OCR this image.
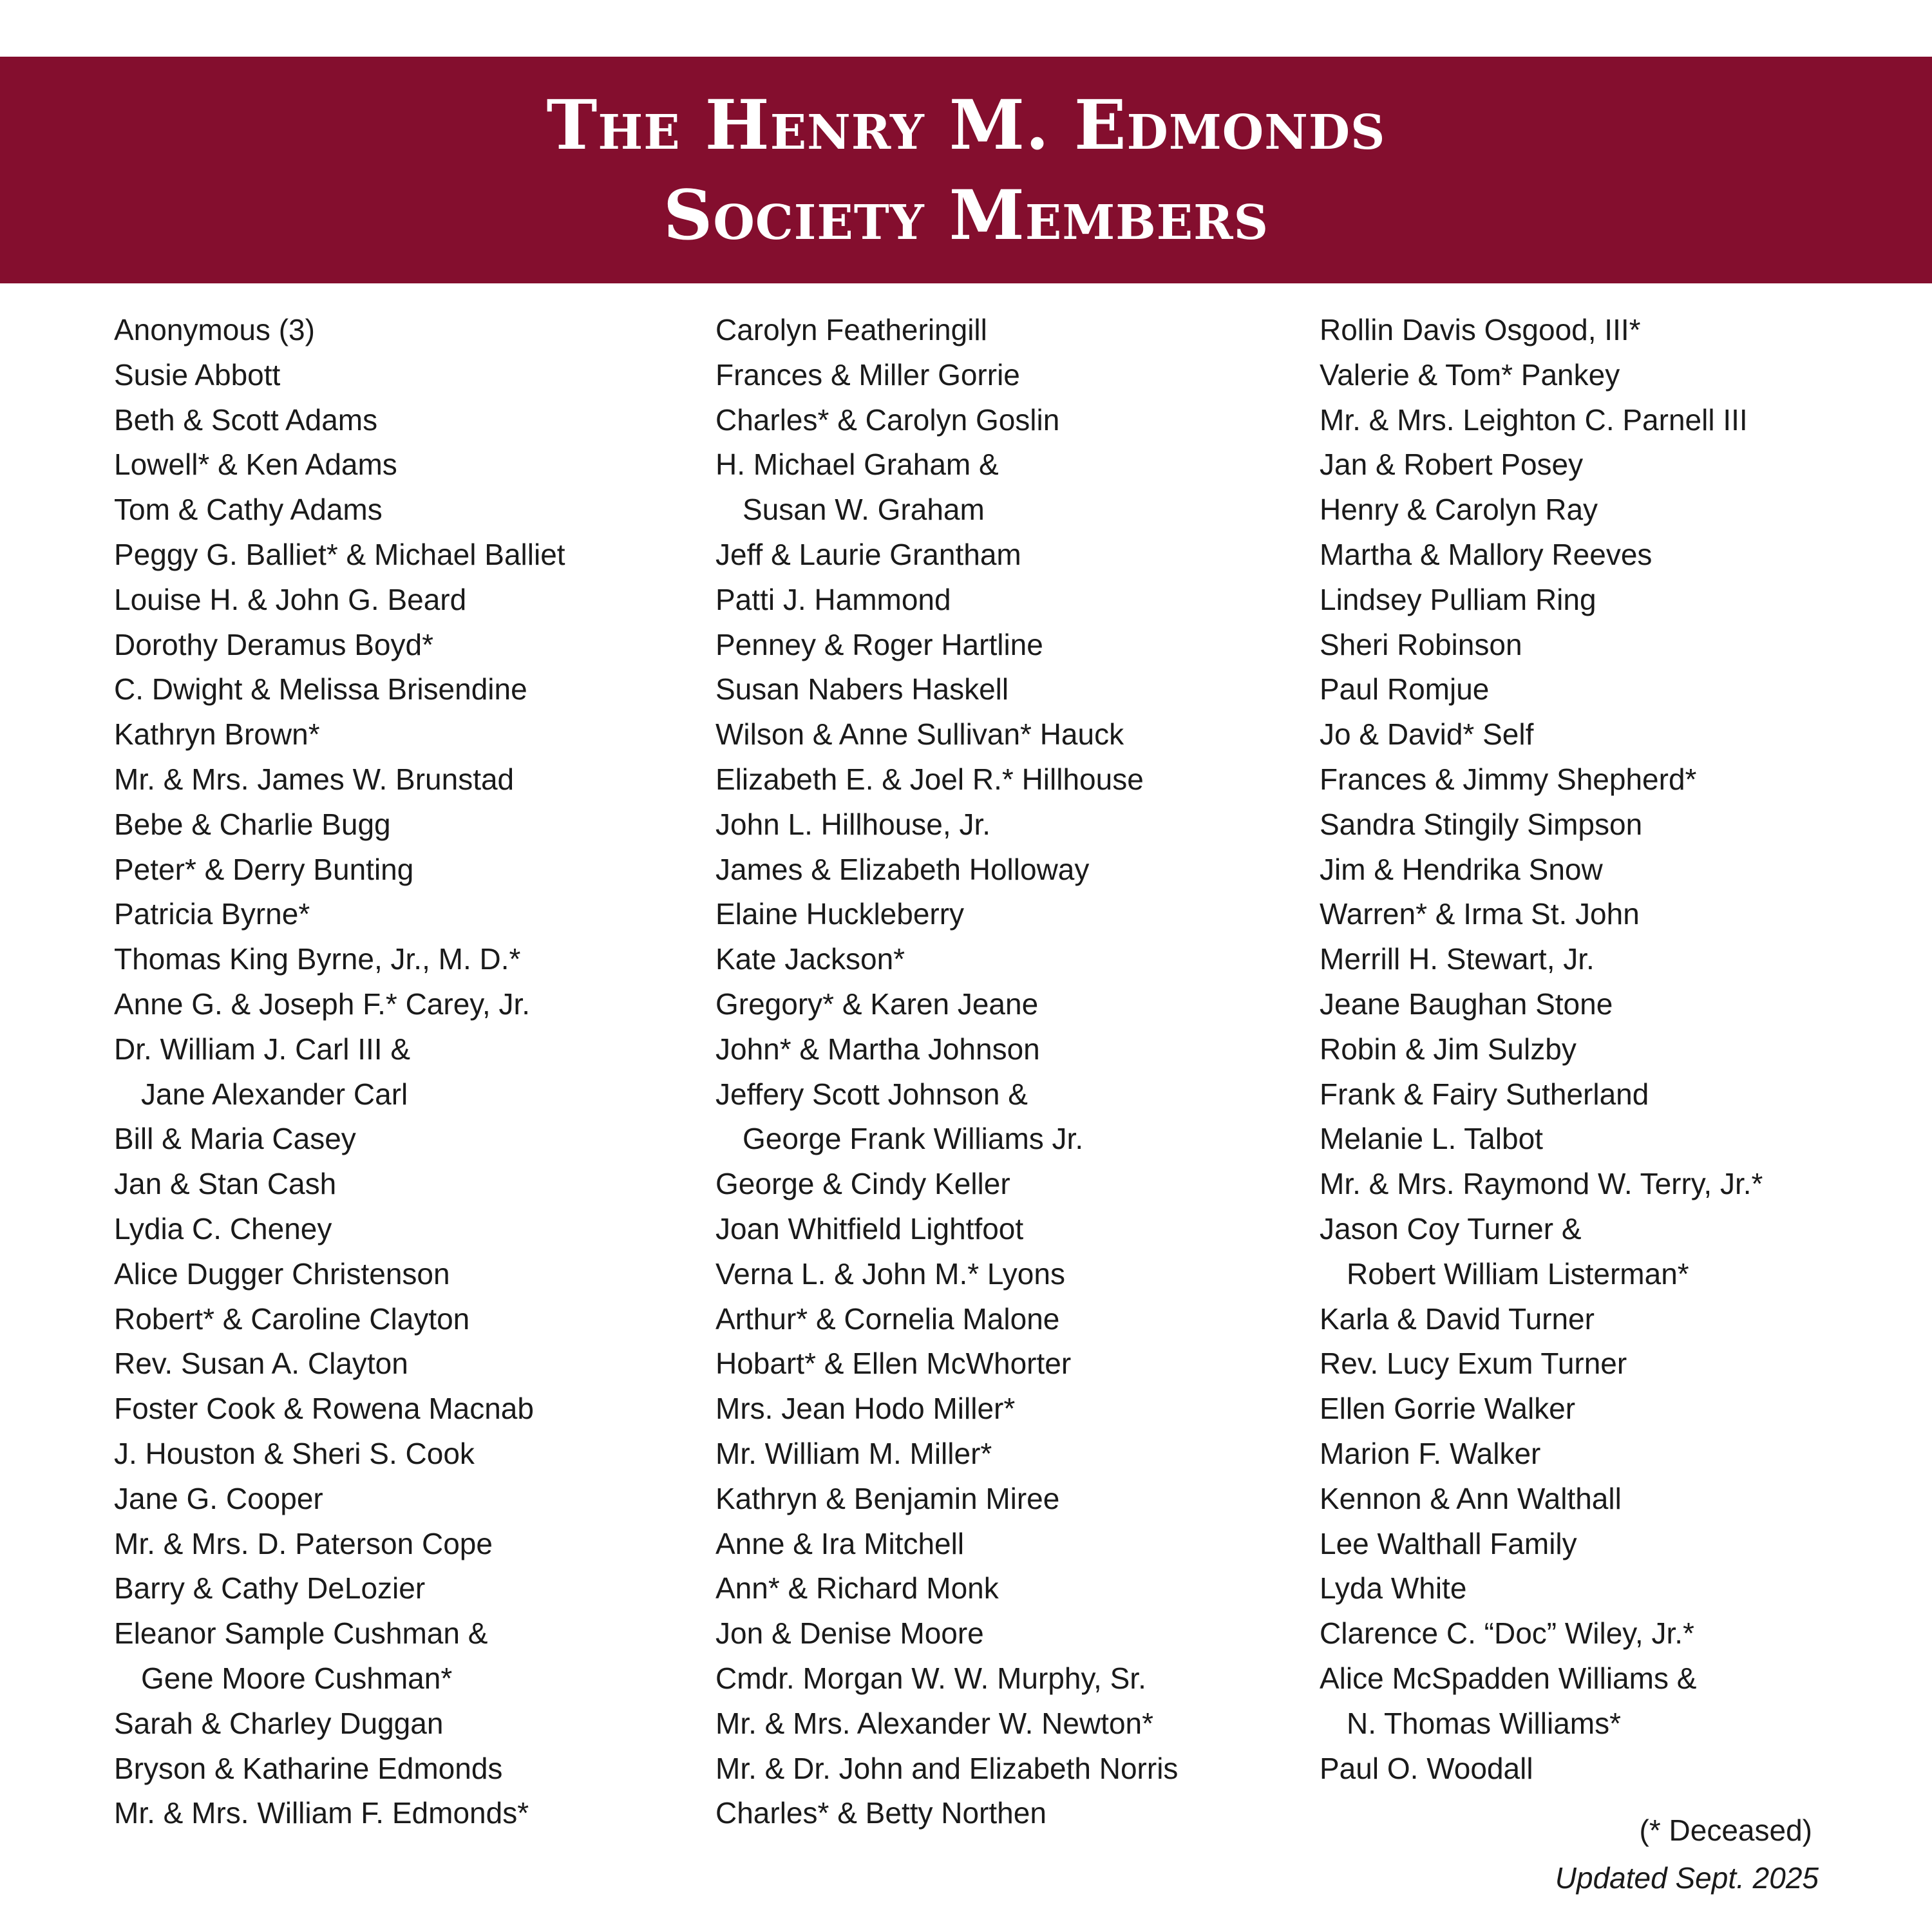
The Henry M. Edmonds
Society Members
Anonymous (3)
Susie Abbott
Beth & Scott Adams
Lowell* & Ken Adams
Tom & Cathy Adams
Peggy G. Balliet* & Michael Balliet
Louise H. & John G. Beard
Dorothy Deramus Boyd*
C. Dwight & Melissa Brisendine
Kathryn Brown*
Mr. & Mrs. James W. Brunstad
Bebe & Charlie Bugg
Peter* & Derry Bunting
Patricia Byrne*
Thomas King Byrne, Jr., M. D.*
Anne G. & Joseph F.* Carey, Jr.
Dr. William J. Carl III &
Jane Alexander Carl
Bill & Maria Casey
Jan & Stan Cash
Lydia C. Cheney
Alice Dugger Christenson
Robert* & Caroline Clayton
Rev. Susan A. Clayton
Foster Cook & Rowena Macnab
J. Houston & Sheri S. Cook
Jane G. Cooper
Mr. & Mrs. D. Paterson Cope
Barry & Cathy DeLozier
Eleanor Sample Cushman &
Gene Moore Cushman*
Sarah & Charley Duggan
Bryson & Katharine Edmonds
Mr. & Mrs. William F. Edmonds*
Carolyn Featheringill
Frances & Miller Gorrie
Charles* & Carolyn Goslin
H. Michael Graham &
Susan W. Graham
Jeff & Laurie Grantham
Patti J. Hammond
Penney & Roger Hartline
Susan Nabers Haskell
Wilson & Anne Sullivan* Hauck
Elizabeth E. & Joel R.* Hillhouse
John L. Hillhouse, Jr.
James & Elizabeth Holloway
Elaine Huckleberry
Kate Jackson*
Gregory* & Karen Jeane
John* & Martha Johnson
Jeffery Scott Johnson &
George Frank Williams Jr.
George & Cindy Keller
Joan Whitfield Lightfoot
Verna L. & John M.* Lyons
Arthur* & Cornelia Malone
Hobart* & Ellen McWhorter
Mrs. Jean Hodo Miller*
Mr. William M. Miller*
Kathryn & Benjamin Miree
Anne & Ira Mitchell
Ann* & Richard Monk
Jon & Denise Moore
Cmdr. Morgan W. W. Murphy, Sr.
Mr. & Mrs. Alexander W. Newton*
Mr. & Dr. John and Elizabeth Norris
Charles* & Betty Northen
Rollin Davis Osgood, III*
Valerie & Tom* Pankey
Mr. & Mrs. Leighton C. Parnell III
Jan & Robert Posey
Henry & Carolyn Ray
Martha & Mallory Reeves
Lindsey Pulliam Ring
Sheri Robinson
Paul Romjue
Jo & David* Self
Frances & Jimmy Shepherd*
Sandra Stingily Simpson
Jim & Hendrika Snow
Warren* & Irma St. John
Merrill H. Stewart, Jr.
Jeane Baughan Stone
Robin & Jim Sulzby
Frank & Fairy Sutherland
Melanie L. Talbot
Mr. & Mrs. Raymond W. Terry, Jr.*
Jason Coy Turner &
Robert William Listerman*
Karla & David Turner
Rev. Lucy Exum Turner
Ellen Gorrie Walker
Marion F. Walker
Kennon & Ann Walthall
Lee Walthall Family
Lyda White
Clarence C. “Doc” Wiley, Jr.*
Alice McSpadden Williams &
N. Thomas Williams*
Paul O. Woodall
(* Deceased)
Updated Sept. 2025
